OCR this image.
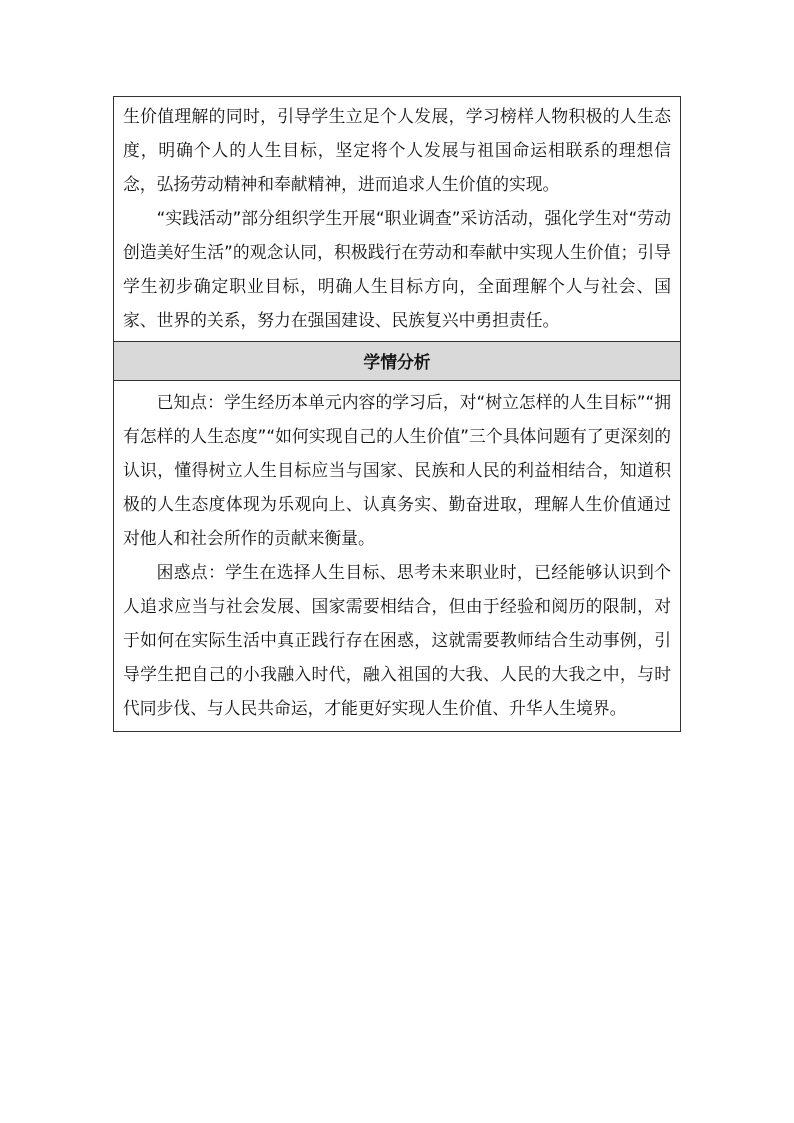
生价值理解的同时，引导学生立足个人发展，学习榜样人物积极的人生态度，明确个人的人生目标，坚定将个人发展与祖国命运相联系的理想信念，弘扬劳动精神和奉献精神，进而追求人生价值的实现。

“实践活动”部分组织学生开展“职业调查”采访活动，强化学生对“劳动创造美好生活”的观念认同，积极践行在劳动和奉献中实现人生价值；引导学生初步确定职业目标，明确人生目标方向，全面理解个人与社会、国家、世界的关系，努力在强国建设、民族复兴中勇担责任。

学情分析

已知点：学生经历本单元内容的学习后，对“树立怎样的人生目标”“拥有怎样的人生态度”“如何实现自己的人生价值”三个具体问题有了更深刻的认识，懂得树立人生目标应当与国家、民族和人民的利益相结合，知道积极的人生态度体现为乐观向上、认真务实、勤奋进取，理解人生价值通过对他人和社会所作的贡献来衡量。

困惑点：学生在选择人生目标、思考未来职业时，已经能够认识到个人追求应当与社会发展、国家需要相结合，但由于经验和阅历的限制，对于如何在实际生活中真正践行存在困惑，这就需要教师结合生动事例，引导学生把自己的小我融入时代，融入祖国的大我、人民的大我之中，与时代同步伐、与人民共命运，才能更好实现人生价值、升华人生境界。
